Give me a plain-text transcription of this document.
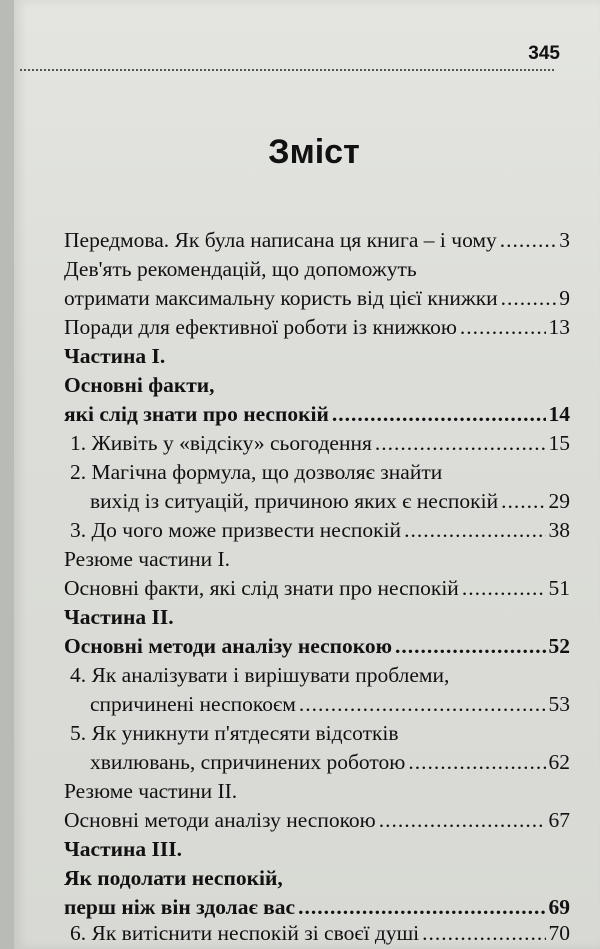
345
Зміст
Передмова. Як була написана ця книга – і чому .....	3
Дев'ять рекомендацій, що допоможуть
отримати максимальну користь від цієї книжки .....	9
Поради для ефективної роботи із книжкою .....	13
Частина І.
Основні факти,
які слід знати про неспокій .....	14
1. Живіть у «відсіку» сьогодення .....	15
2. Магічна формула, що дозволяє знайти
вихід із ситуацій, причиною яких є неспокій ..... 29
3. До чого може призвести неспокій .....	38
Резюме частини І.
Основні факти, які слід знати про неспокій .....	51
Частина ІІ.
Основні методи аналізу неспокою .....	52
4. Як аналізувати і вирішувати проблеми,
спричинені неспокоєм .....	53
5. Як уникнути п'ятдесяти відсотків
хвилювань, спричинених роботою .....	62
Резюме частини ІІ.
Основні методи аналізу неспокою .....	67
Частина ІІІ.
Як подолати неспокій,
перш ніж він здолає вас .....	69
6. Як витіснити неспокій зі своєї душі .....	70
